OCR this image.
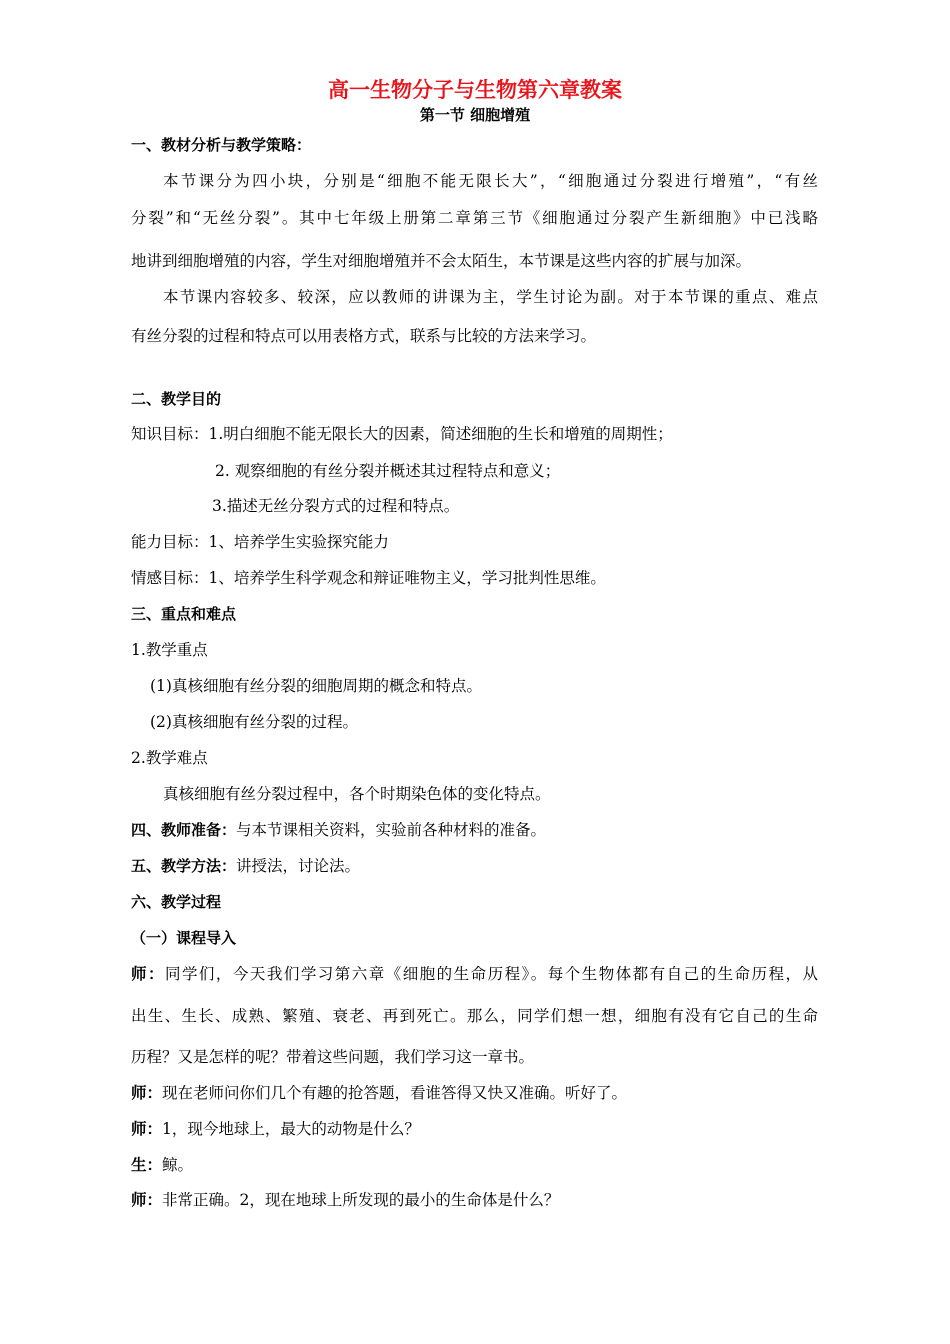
高一生物分子与生物第六章教案
第一节 细胞增殖
一、教材分析与教学策略：
本节课分为四小块，分别是“细胞不能无限长大”，“细胞通过分裂进行增殖”，“有丝
分裂”和“无丝分裂”。其中七年级上册第二章第三节《细胞通过分裂产生新细胞》中已浅略
地讲到细胞增殖的内容，学生对细胞增殖并不会太陌生，本节课是这些内容的扩展与加深。
本节课内容较多、较深，应以教师的讲课为主，学生讨论为副。对于本节课的重点、难点
有丝分裂的过程和特点可以用表格方式，联系与比较的方法来学习。
二、教学目的
知识目标：1.明白细胞不能无限长大的因素，简述细胞的生长和增殖的周期性；
2. 观察细胞的有丝分裂并概述其过程特点和意义；
3.描述无丝分裂方式的过程和特点。
能力目标：1、培养学生实验探究能力
情感目标：1、培养学生科学观念和辩证唯物主义，学习批判性思维。
三、重点和难点
1.教学重点
(1)真核细胞有丝分裂的细胞周期的概念和特点。
(2)真核细胞有丝分裂的过程。
2.教学难点
真核细胞有丝分裂过程中，各个时期染色体的变化特点。
四、教师准备：与本节课相关资料，实验前各种材料的准备。
五、教学方法：讲授法，讨论法。
六、教学过程
（一）课程导入
师：同学们，今天我们学习第六章《细胞的生命历程》。每个生物体都有自己的生命历程，从
出生、生长、成熟、繁殖、衰老、再到死亡。那么，同学们想一想，细胞有没有它自己的生命
历程？又是怎样的呢？带着这些问题，我们学习这一章书。
师：现在老师问你们几个有趣的抢答题，看谁答得又快又准确。听好了。
师：1，现今地球上，最大的动物是什么？
生：鲸。
师：非常正确。2，现在地球上所发现的最小的生命体是什么？
